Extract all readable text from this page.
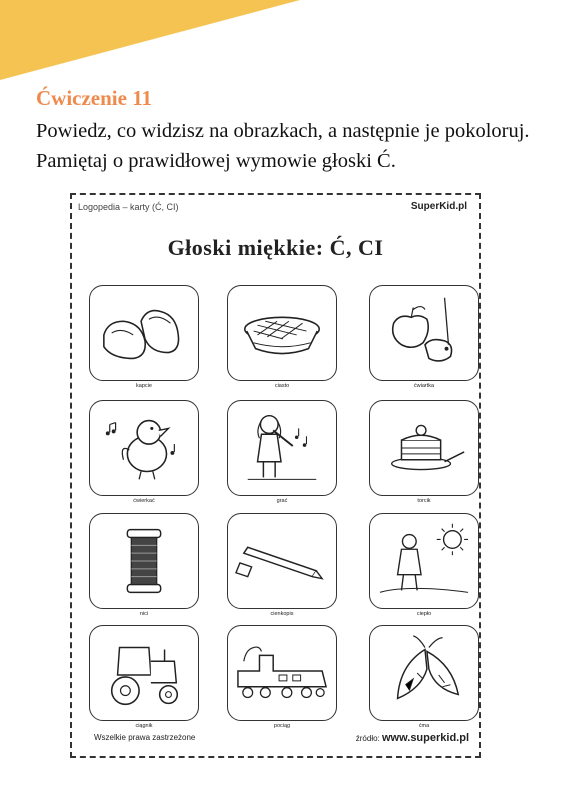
Ćwiczenie 11
Powiedz, co widzisz na obrazkach, a następnie je pokoloruj. Pamiętaj o prawidłowej wymowie głoski Ć.
Logopedia – karty (Ć, CI)	SuperKid.pl
Głoski miękkie: Ć, CI
kapcie	ciasto	ćwiartka
ćwierkać	grać	torcik
nici	cienkopis	ciepło
ciągnik	pociąg	ćma
Wszelkie prawa zastrzeżone	źródło: www.superkid.pl
